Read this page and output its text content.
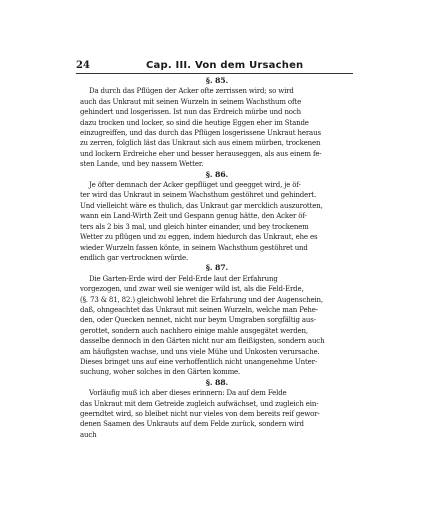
24	Cap. III. Von dem Ursachen
§. 85.
Da durch das Pflügen der Acker ofte zerrissen wird; so wird
auch das Unkraut mit seinen Wurzeln in seinem Wachsthum ofte
gehindert und losgerissen. Ist nun das Erdreich mürbe und noch
dazu trocken und locker, so sind die heutige Eggen eher im Stande
einzugreiffen, und das durch das Pflügen losgerissene Unkraut heraus
zu zerren, folglich läst das Unkraut sich aus einem mürben, trockenen
und lockern Erdreiche eher und besser herauseggen, als aus einem fe-
sten Lande, und bey nassem Wetter.
§. 86.
Je öfter demnach der Acker gepflüget und geegget wird, je öf-
ter wird das Unkraut in seinem Wachsthum gestöhret und gehindert.
Und vielleicht wäre es thulich, das Unkraut gar mercklich auszurotten,
wann ein Land-Wirth Zeit und Gespann genug hätte, den Acker öf-
ters als 2 bis 3 mal, und gleich hinter einander, und bey trockenem
Wetter zu pflügen und zu eggen, indem hiedurch das Unkraut, ehe es
wieder Wurzeln fassen könte, in seinem Wachsthum gestöhret und
endlich gar vertrocknen würde.
§. 87.
Die Garten-Erde wird der Feld-Erde laut der Erfahrung
vorgezogen, und zwar weil sie weniger wild ist, als die Feld-Erde,
(§. 73 & 81, 82.) gleichwohl lehret die Erfahrung und der Augenschein,
daß, ohngeachtet das Unkraut mit seinen Wurzeln, welche man Pehe-
den, oder Quecken nennet, nicht nur beym Umgraben sorgfältig aus-
gerottet, sondern auch nachhero einige mahle ausgegätet werden,
dasselbe dennoch in den Gärten nicht nur am fleißigsten, sondern auch
am häufigsten wachse, und uns viele Mühe und Unkosten verursache.
Dieses bringet uns auf eine verhoffentlich nicht unangenehme Unter-
suchung, woher solches in den Gärten komme.
§. 88.
Vorläufig muß ich aber dieses erinnern: Da auf dem Felde
das Unkraut mit dem Getreide zugleich aufwächset, und zugleich ein-
geerndtet wird, so bleibet nicht nur vieles von dem bereits reif gewor-
denen Saamen des Unkrauts auf dem Felde zurück, sondern wird
auch
